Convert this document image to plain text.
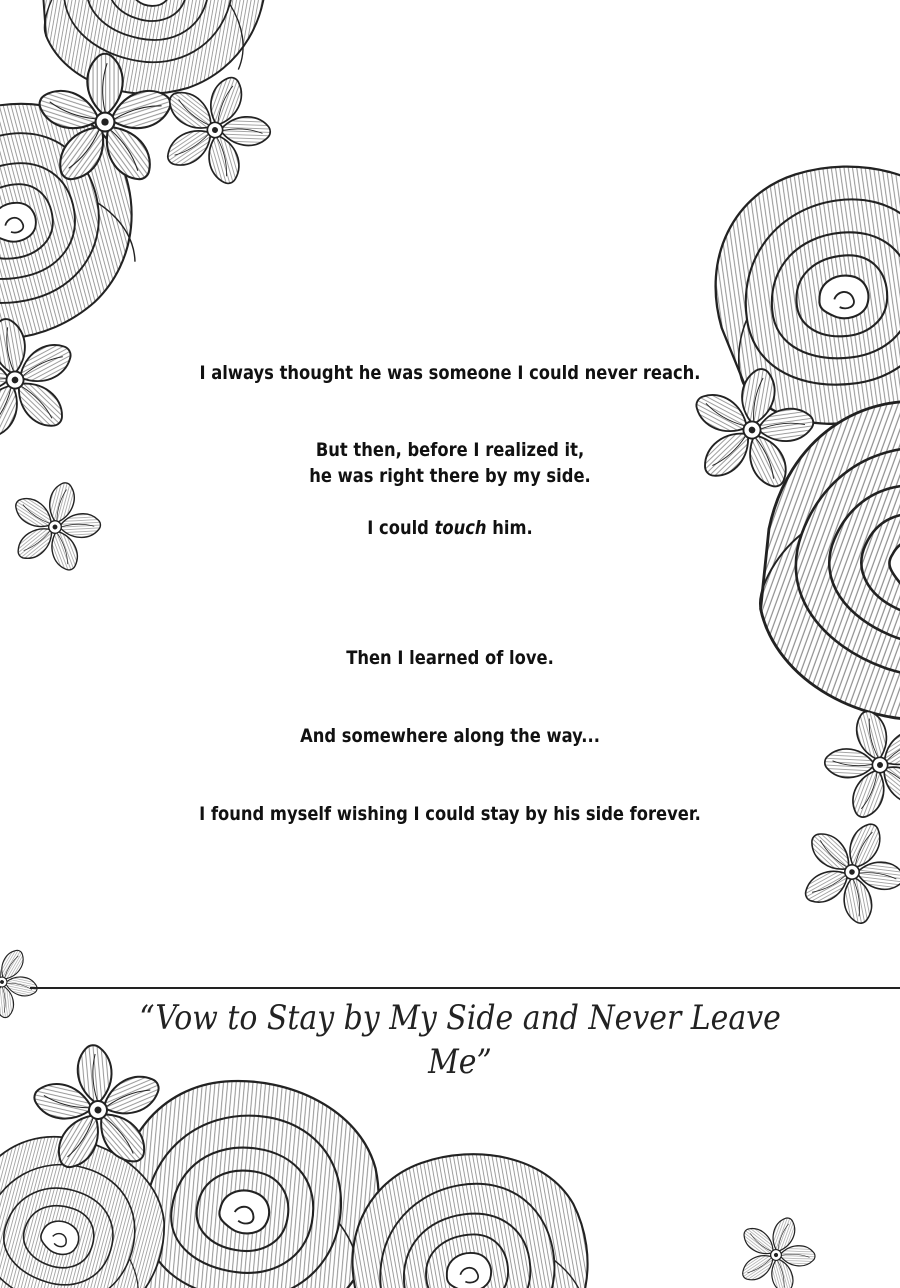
I always thought he was someone I could never reach.
But then, before I realized it,
he was right there by my side.
I could touch him.
Then I learned of love.
And somewhere along the way...
I found myself wishing I could stay by his side forever.
“Vow to Stay by My Side and Never Leave Me”
